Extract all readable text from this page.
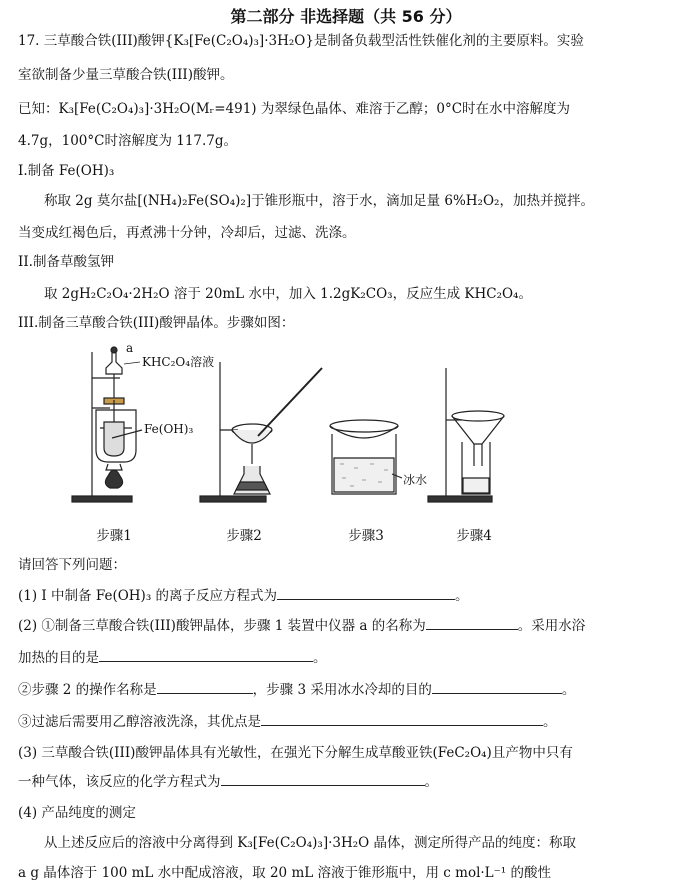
第二部分 非选择题（共 56 分）
17. 三草酸合铁(III)酸钾{K₃[Fe(C₂O₄)₃]·3H₂O}是制备负载型活性铁催化剂的主要原料。实验
室欲制备少量三草酸合铁(III)酸钾。
已知：K₃[Fe(C₂O₄)₃]·3H₂O(Mᵣ=491) 为翠绿色晶体、难溶于乙醇；0°C时在水中溶解度为
4.7g，100°C时溶解度为 117.7g。
I.制备 Fe(OH)₃
称取 2g 莫尔盐[(NH₄)₂Fe(SO₄)₂]于锥形瓶中，溶于水，滴加足量 6%H₂O₂，加热并搅拌。
当变成红褐色后，再煮沸十分钟，冷却后，过滤、洗涤。
II.制备草酸氢钾
取 2gH₂C₂O₄·2H₂O 溶于 20mL 水中，加入 1.2gK₂CO₃，反应生成 KHC₂O₄。
III.制备三草酸合铁(III)酸钾晶体。步骤如图：
a
KHC₂O₄溶液
Fe(OH)₃
冰水
步骤1	步骤2	步骤3	步骤4
请回答下列问题：
(1) I 中制备 Fe(OH)₃ 的离子反应方程式为	。
(2) ①制备三草酸合铁(III)酸钾晶体，步骤 1 装置中仪器 a 的名称为	。采用水浴
加热的目的是	。
②步骤 2 的操作名称是	，步骤 3 采用冰水冷却的目的	。
③过滤后需要用乙醇溶液洗涤，其优点是	。
(3) 三草酸合铁(III)酸钾晶体具有光敏性，在强光下分解生成草酸亚铁(FeC₂O₄)且产物中只有
一种气体，该反应的化学方程式为	。
(4) 产品纯度的测定
从上述反应后的溶液中分离得到 K₃[Fe(C₂O₄)₃]·3H₂O 晶体，测定所得产品的纯度：称取
a g 晶体溶于 100 mL 水中配成溶液，取 20 mL 溶液于锥形瓶中，用 c mol·L⁻¹ 的酸性
